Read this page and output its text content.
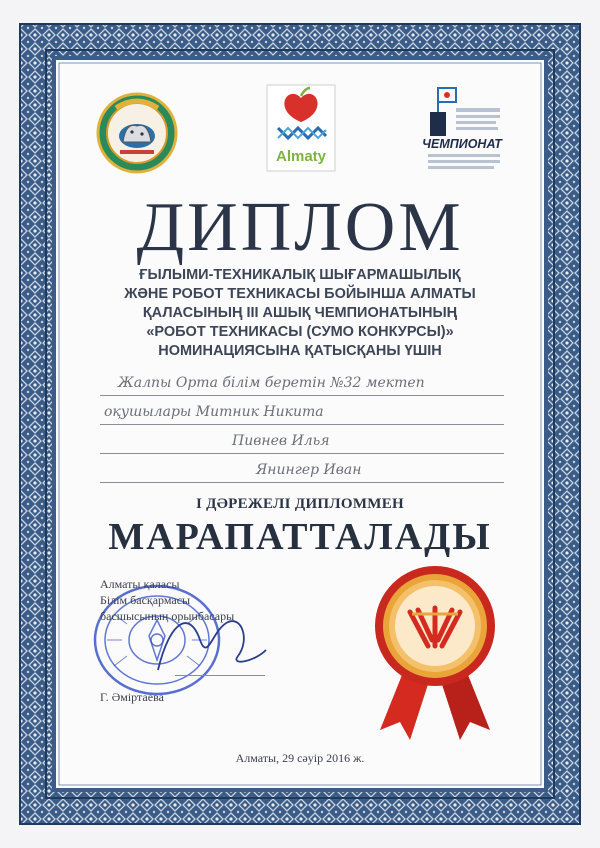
Almaty
ЧЕМПИОНАТ
ДИПЛОМ
ҒЫЛЫМИ-ТЕХНИКАЛЫҚ ШЫҒАРМАШЫЛЫҚ
ЖӘНЕ РОБОТ ТЕХНИКАСЫ БОЙЫНША АЛМАТЫ
ҚАЛАСЫНЫҢ III АШЫҚ ЧЕМПИОНАТЫНЫҢ
«РОБОТ ТЕХНИКАСЫ (СУМО КОНКУРСЫ)»
НОМИНАЦИЯСЫНА ҚАТЫСҚАНЫ ҮШІН
Жалпы Орта білім беретін №32 мектеп
оқушылары Митник Никита
Пивнев Илья
Янингер Иван
I ДӘРЕЖЕЛІ ДИПЛОММЕН
МАРАПАТТАЛАДЫ
Алматы қаласы
Білім басқармасы
басшысының орынбасары
Г. Әміртаева
Алматы, 29 сәуір 2016 ж.
